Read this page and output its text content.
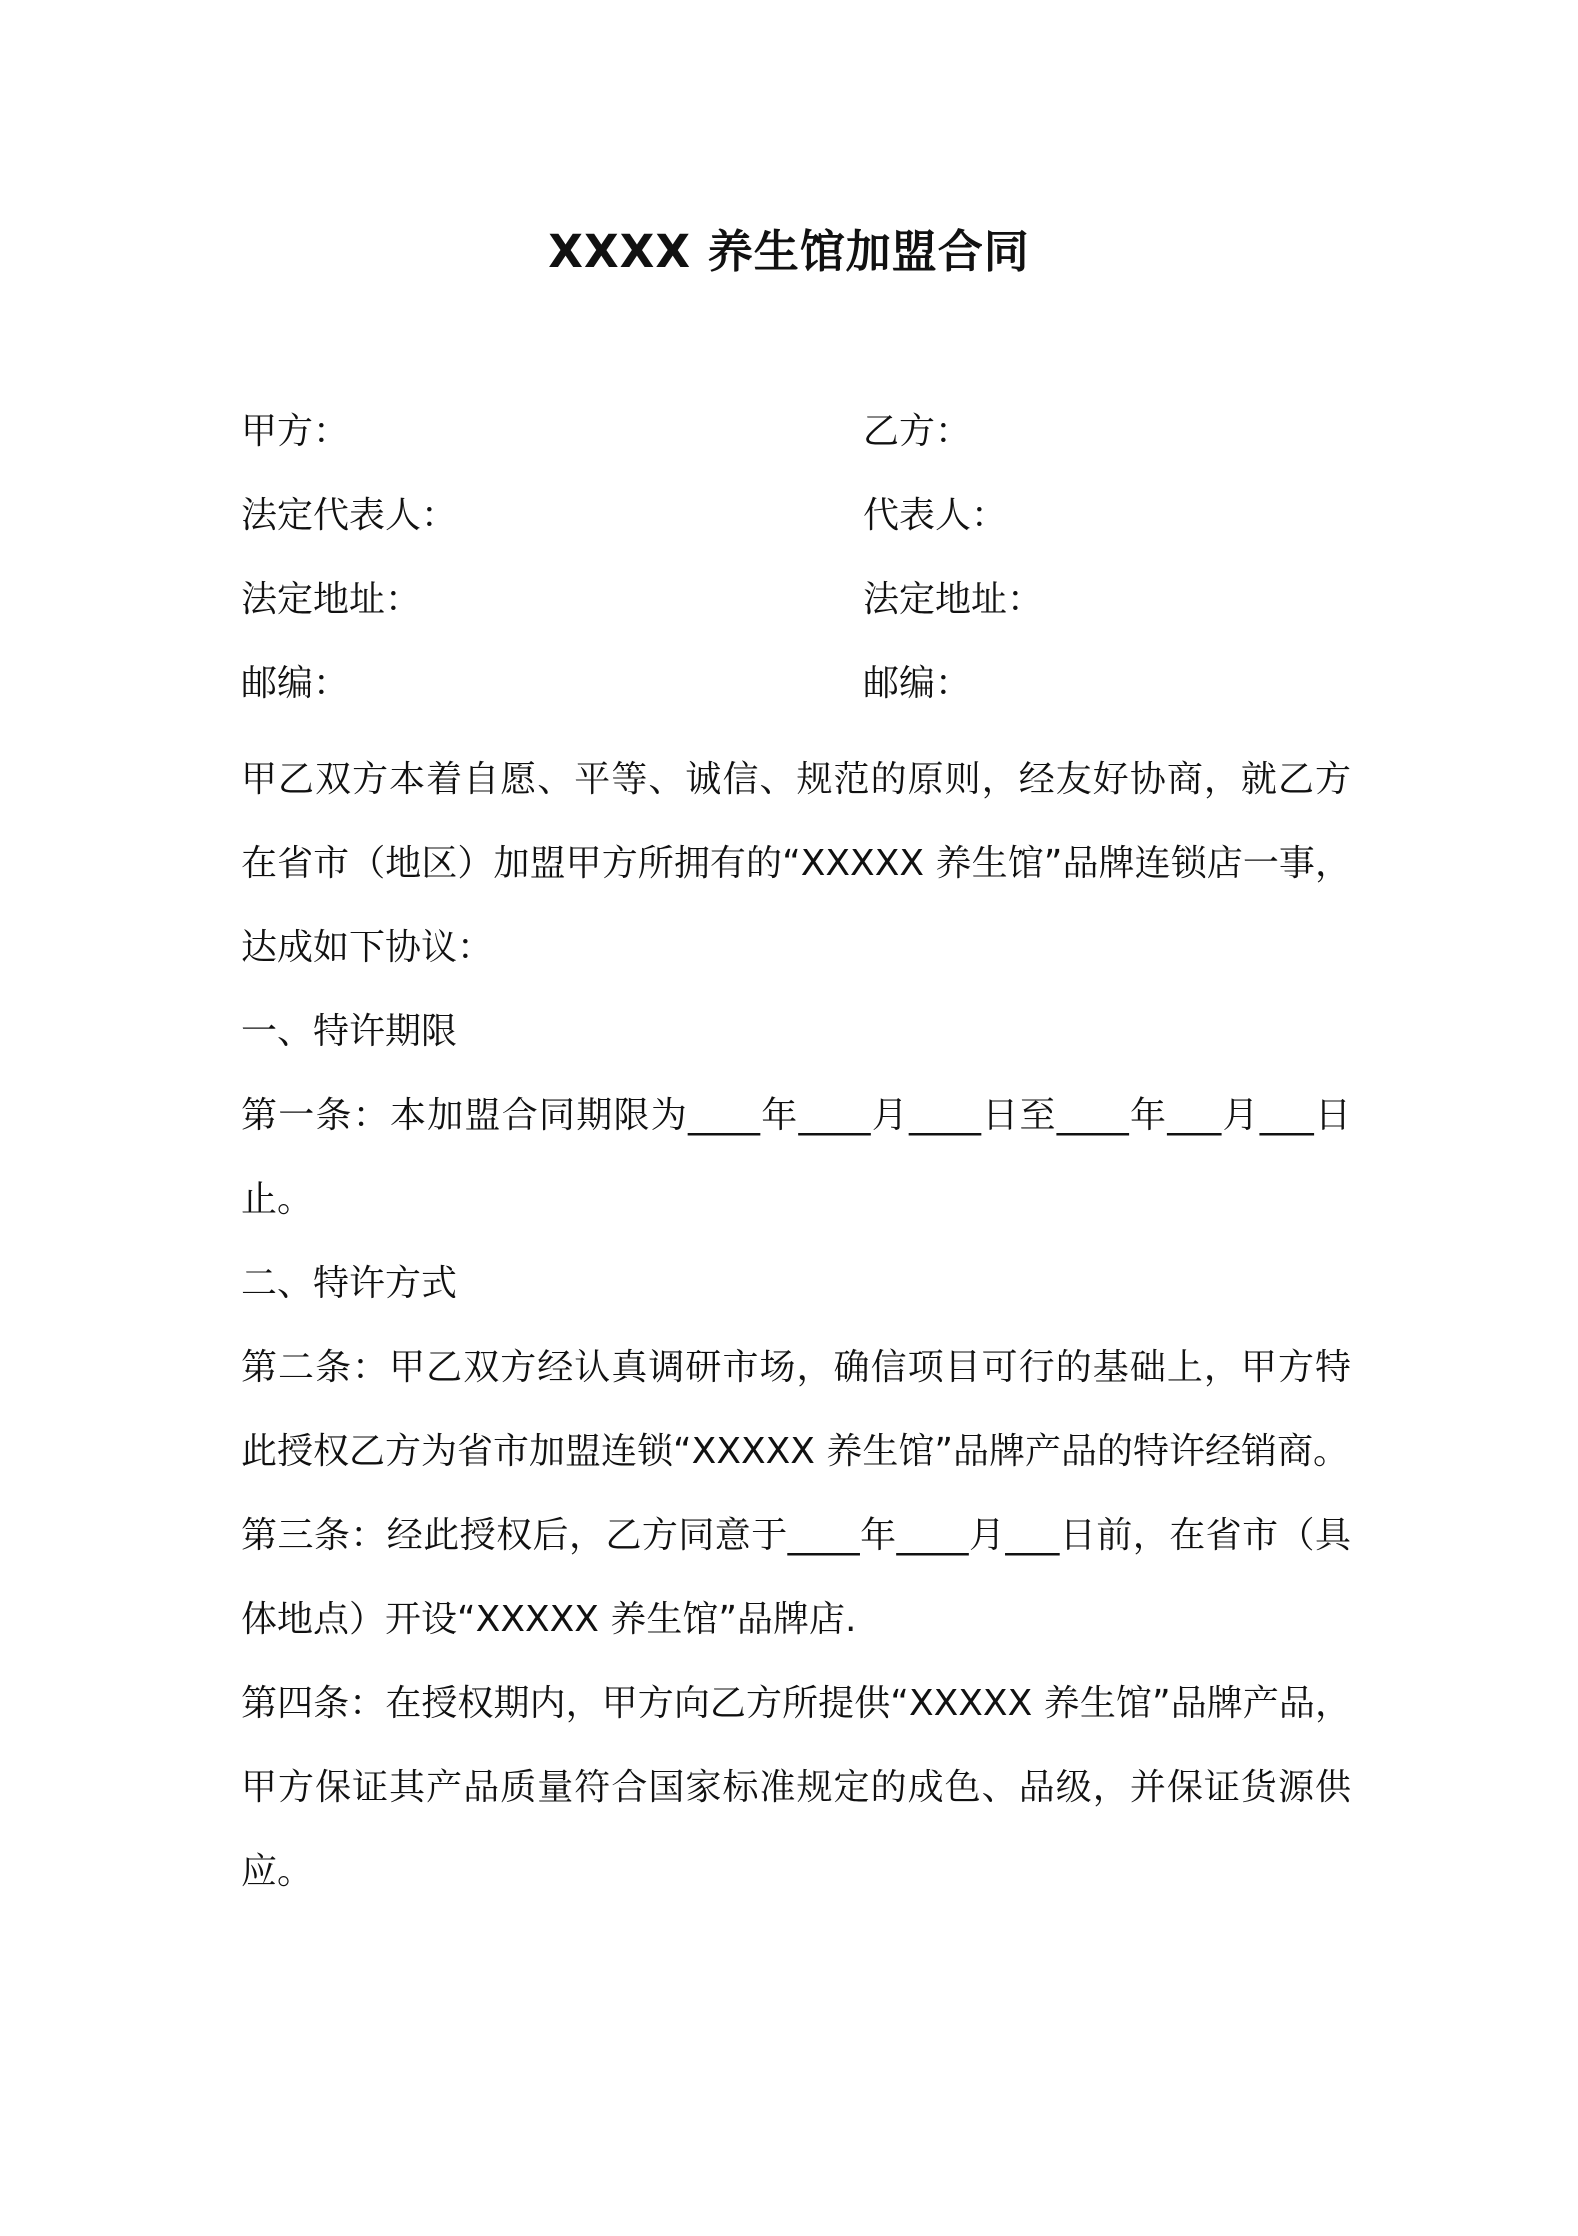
XXXX 养生馆加盟合同
甲方：	乙方：
法定代表人：	代表人：
法定地址：	法定地址：
邮编：	邮编：

甲乙双方本着自愿、平等、诚信、规范的原则，经友好协商，就乙方在省市（地区）加盟甲方所拥有的“XXXXX 养生馆”品牌连锁店一事，达成如下协议：

一、特许期限

第一条：本加盟合同期限为____年____月____日至____年___月___日止。

二、特许方式

第二条：甲乙双方经认真调研市场，确信项目可行的基础上，甲方特此授权乙方为省市加盟连锁“XXXXX 养生馆”品牌产品的特许经销商。

第三条：经此授权后，乙方同意于____年____月___日前，在省市（具体地点）开设“XXXXX 养生馆”品牌店.

第四条：在授权期内，甲方向乙方所提供“XXXXX 养生馆”品牌产品，甲方保证其产品质量符合国家标准规定的成色、品级，并保证货源供应。
